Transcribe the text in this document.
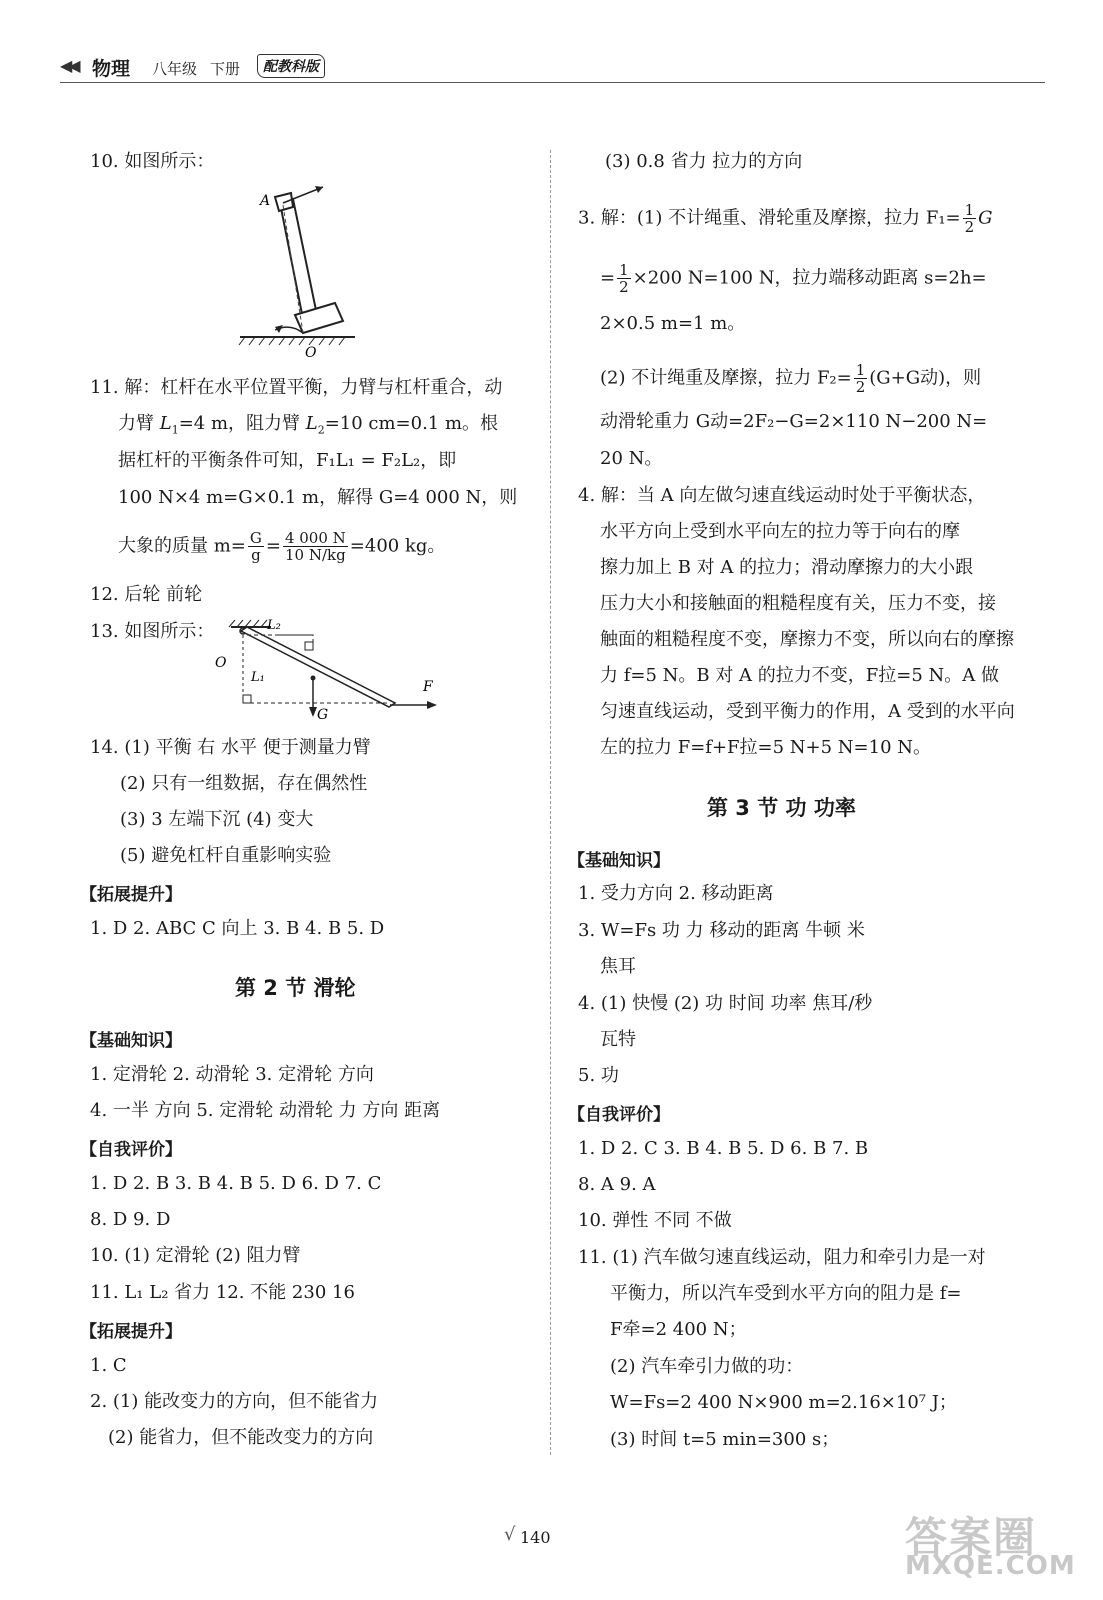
◀◀ 物理 八年级 下册	配教科版
10. 如图所示：
A
O
11. 解：杠杆在水平位置平衡，力臂与杠杆重合，动
力臂 $L_1=4$ m，阻力臂 $L_2=10$ cm=0.1 m。根
据杠杆的平衡条件可知，F₁L₁ = F₂L₂，即
100 N×4 m=G×0.1 m，解得 G=4 000 N，则
大象的质量 $m= \frac{G}{g} = \frac{4 000 N}{10 N/kg} =400$ kg。
12. 后轮 前轮
13. 如图所示：
O
L₂
L₁
G
F
14. (1) 平衡 右 水平 便于测量力臂
(2) 只有一组数据，存在偶然性
(3) 3 左端下沉 (4) 变大
(5) 避免杠杆自重影响实验
【拓展提升】
1. D 2. ABC C 向上 3. B 4. B 5. D
第 2 节 滑轮
【基础知识】
1. 定滑轮 2. 动滑轮 3. 定滑轮 方向
4. 一半 方向 5. 定滑轮 动滑轮 力 方向 距离
【自我评价】
1. D 2. B 3. B 4. B 5. D 6. D 7. C
8. D 9. D
10. (1) 定滑轮 (2) 阻力臂
11. L₁ L₂ 省力 12. 不能 230 16
【拓展提升】
1. C
2. (1) 能改变力的方向，但不能省力
(2) 能省力，但不能改变力的方向
(3) 0.8 省力 拉力的方向
3. 解：(1) 不计绳重、滑轮重及摩擦，拉力 $F_1= \frac{1}{2}$ G
= $\frac{1}{2} \times 200$ N=100 N，拉力端移动距离 s=2h=
2×0.5 m=1 m。
(2) 不计绳重及摩擦，拉力 $F_2= \frac{1}{2} (G+G$动)，则
动滑轮重力 G动=2F₂−G=2×110 N−200 N=
20 N。
4. 解：当 A 向左做匀速直线运动时处于平衡状态，
水平方向上受到水平向左的拉力等于向右的摩
擦力加上 B 对 A 的拉力；滑动摩擦力的大小跟
压力大小和接触面的粗糙程度有关，压力不变，接
触面的粗糙程度不变，摩擦力不变，所以向右的摩擦
力 f=5 N。B 对 A 的拉力不变，F拉=5 N。A 做
匀速直线运动，受到平衡力的作用，A 受到的水平向
左的拉力 F=f+F拉=5 N+5 N=10 N。
第 3 节 功 功率
【基础知识】
1. 受力方向 2. 移动距离
3. W=Fs 功 力 移动的距离 牛顿 米
焦耳
4. (1) 快慢 (2) 功 时间 功率 焦耳/秒
瓦特
5. 功
【自我评价】
1. D 2. C 3. B 4. B 5. D 6. B 7. B
8. A 9. A
10. 弹性 不同 不做
11. (1) 汽车做匀速直线运动，阻力和牵引力是一对
平衡力，所以汽车受到水平方向的阻力是 f=
F牵=2 400 N；
(2) 汽车牵引力做的功：
W=Fs=2 400 N×900 m=2.16×10⁷ J；
(3) 时间 t=5 min=300 s；
√ 140	答案圈
MXQE.COM
